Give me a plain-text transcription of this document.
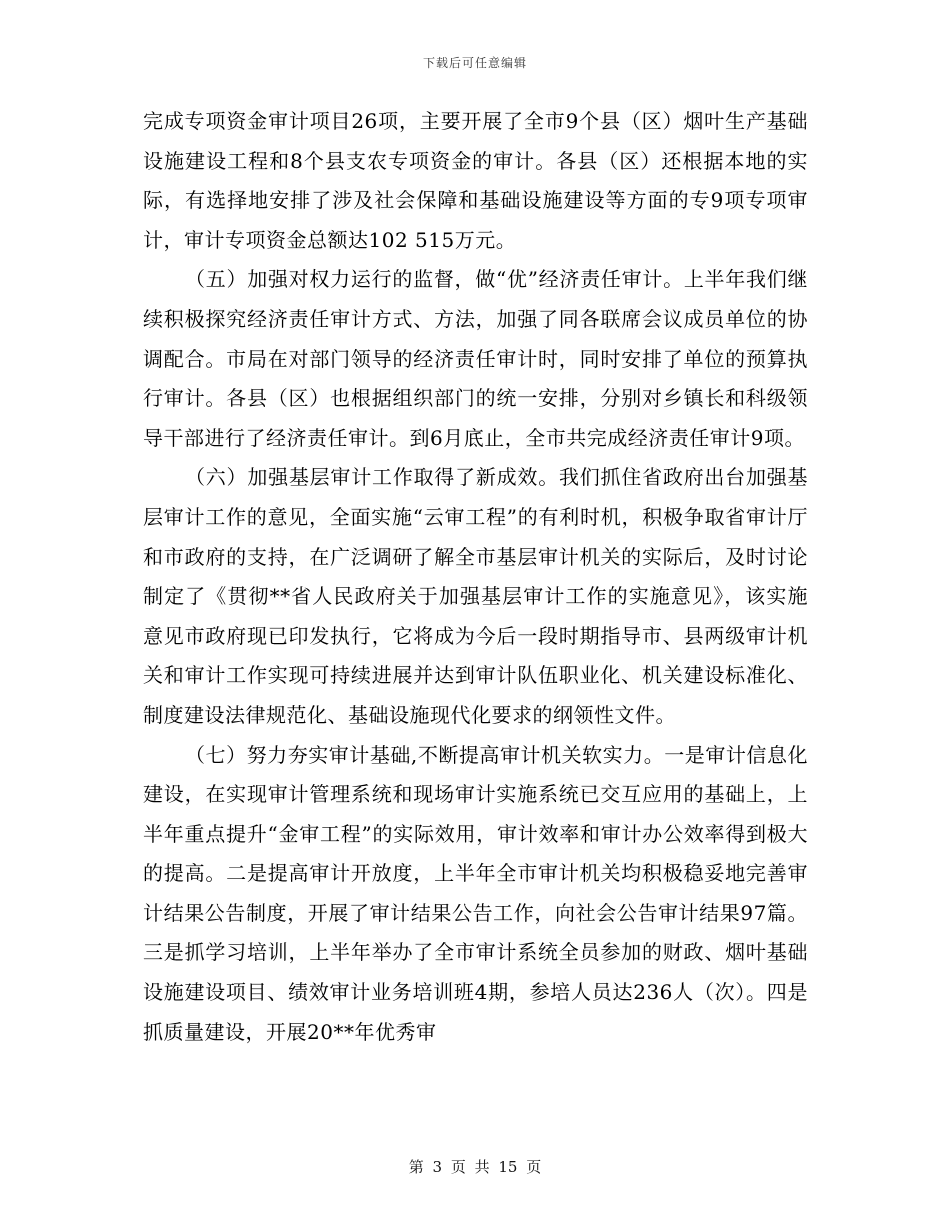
下载后可任意编辑

完成专项资金审计项目26项，主要开展了全市9个县（区）烟叶生产基础设施建设工程和8个县支农专项资金的审计。各县（区）还根据本地的实际，有选择地安排了涉及社会保障和基础设施建设等方面的专9项专项审计，审计专项资金总额达102 515万元。

（五）加强对权力运行的监督，做“优”经济责任审计。上半年我们继续积极探究经济责任审计方式、方法，加强了同各联席会议成员单位的协调配合。市局在对部门领导的经济责任审计时，同时安排了单位的预算执行审计。各县（区）也根据组织部门的统一安排，分别对乡镇长和科级领导干部进行了经济责任审计。到6月底止，全市共完成经济责任审计9项。

（六）加强基层审计工作取得了新成效。我们抓住省政府出台加强基层审计工作的意见，全面实施“云审工程”的有利时机，积极争取省审计厅和市政府的支持，在广泛调研了解全市基层审计机关的实际后，及时讨论制定了《贯彻**省人民政府关于加强基层审计工作的实施意见》，该实施意见市政府现已印发执行，它将成为今后一段时期指导市、县两级审计机关和审计工作实现可持续进展并达到审计队伍职业化、机关建设标准化、制度建设法律规范化、基础设施现代化要求的纲领性文件。

（七）努力夯实审计基础,不断提高审计机关软实力。一是审计信息化建设，在实现审计管理系统和现场审计实施系统已交互应用的基础上，上半年重点提升“金审工程”的实际效用，审计效率和审计办公效率得到极大的提高。二是提高审计开放度，上半年全市审计机关均积极稳妥地完善审计结果公告制度，开展了审计结果公告工作，向社会公告审计结果97篇。三是抓学习培训，上半年举办了全市审计系统全员参加的财政、烟叶基础设施建设项目、绩效审计业务培训班4期，参培人员达236人（次）。四是抓质量建设，开展20**年优秀审

第 3 页 共 15 页
